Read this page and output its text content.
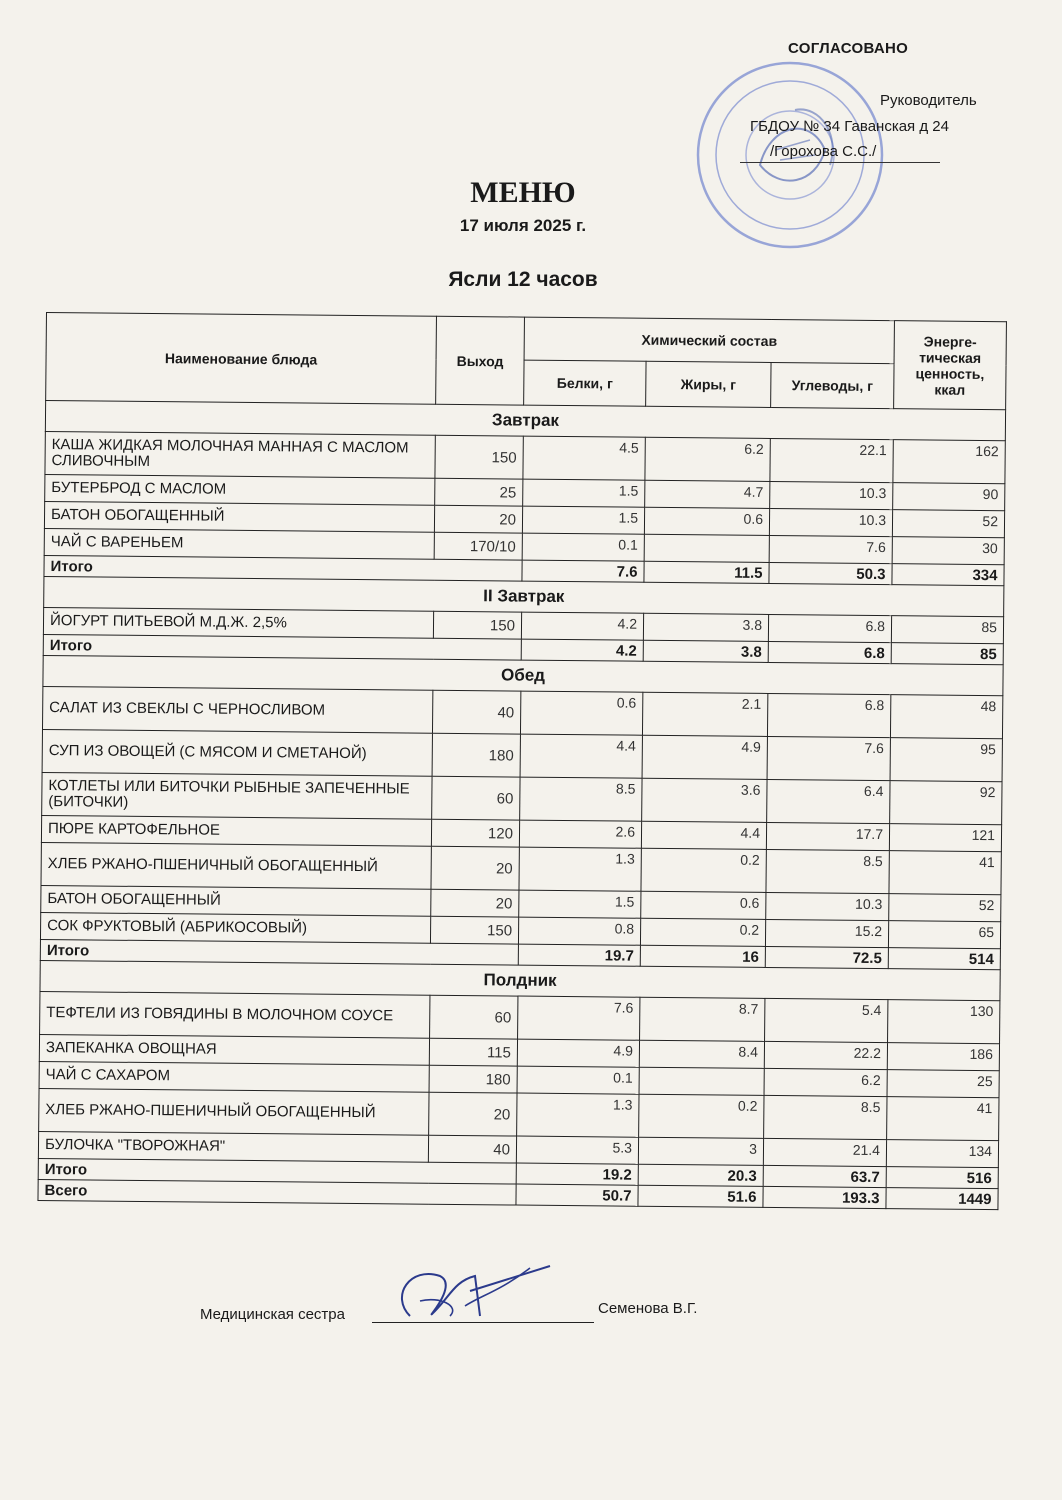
СОГЛАСОВАНО
Руководитель
ГБДОУ № 34 Гаванская д 24
/Горохова С.С./
МЕНЮ
17 июля 2025 г.
Ясли 12 часов
Наименование блюда	Выход	Химический состав			Энерге-тическая ценность, ккал
		Белки, г	Жиры, г	Углеводы, г	
Завтрак					
КАША ЖИДКАЯ МОЛОЧНАЯ МАННАЯ С МАСЛОМ СЛИВОЧНЫМ	150	4.5	6.2	22.1	162
БУТЕРБРОД С МАСЛОМ	25	1.5	4.7	10.3	90
БАТОН ОБОГАЩЕННЫЙ	20	1.5	0.6	10.3	52
ЧАЙ С ВАРЕНЬЕМ	170/10	0.1		7.6	30
Итого		7.6	11.5	50.3	334
II Завтрак					
ЙОГУРТ ПИТЬЕВОЙ М.Д.Ж. 2,5%	150	4.2	3.8	6.8	85
Итого		4.2	3.8	6.8	85
Обед					
САЛАТ ИЗ СВЕКЛЫ С ЧЕРНОСЛИВОМ	40	0.6	2.1	6.8	48
СУП ИЗ ОВОЩЕЙ (С МЯСОМ И СМЕТАНОЙ)	180	4.4	4.9	7.6	95
КОТЛЕТЫ ИЛИ БИТОЧКИ РЫБНЫЕ ЗАПЕЧЕННЫЕ (БИТОЧКИ)	60	8.5	3.6	6.4	92
ПЮРЕ КАРТОФЕЛЬНОЕ	120	2.6	4.4	17.7	121
ХЛЕБ РЖАНО-ПШЕНИЧНЫЙ ОБОГАЩЕННЫЙ	20	1.3	0.2	8.5	41
БАТОН ОБОГАЩЕННЫЙ	20	1.5	0.6	10.3	52
СОК ФРУКТОВЫЙ (АБРИКОСОВЫЙ)	150	0.8	0.2	15.2	65
Итого		19.7	16	72.5	514
Полдник					
ТЕФТЕЛИ ИЗ ГОВЯДИНЫ В МОЛОЧНОМ СОУСЕ	60	7.6	8.7	5.4	130
ЗАПЕКАНКА ОВОЩНАЯ	115	4.9	8.4	22.2	186
ЧАЙ С САХАРОМ	180	0.1		6.2	25
ХЛЕБ РЖАНО-ПШЕНИЧНЫЙ ОБОГАЩЕННЫЙ	20	1.3	0.2	8.5	41
БУЛОЧКА "ТВОРОЖНАЯ"	40	5.3	3	21.4	134
Итого		19.2	20.3	63.7	516
Всего		50.7	51.6	193.3	1449
Медицинская сестра	Семенова В.Г.
